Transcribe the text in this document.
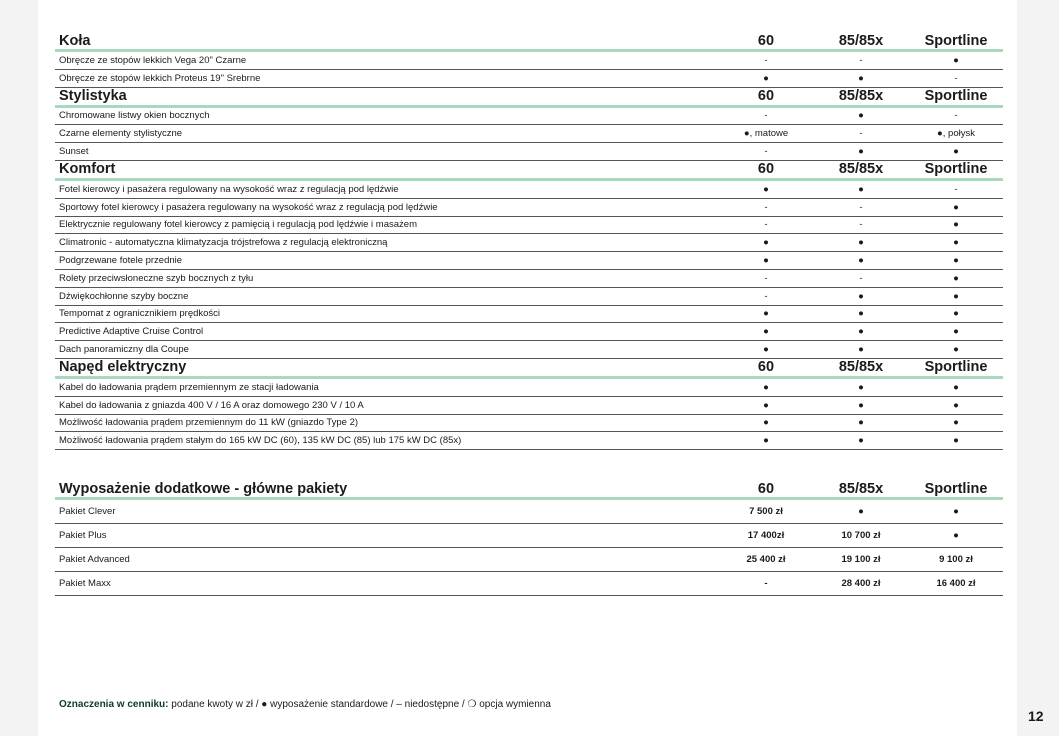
Koła	60	85/85x	Sportline
Obręcze ze stopów lekkich Vega 20" Czarne	-	-	●
Obręcze ze stopów lekkich Proteus 19" Srebrne	●	●	-
Stylistyka	60	85/85x	Sportline
Chromowane listwy okien bocznych	-	●	-
Czarne elementy stylistyczne	●, matowe	-	●, połysk
Sunset	-	●	●
Komfort	60	85/85x	Sportline
Fotel kierowcy i pasażera regulowany na wysokość wraz z regulacją pod lędźwie	●	●	-
Sportowy fotel kierowcy i pasażera regulowany na wysokość wraz z regulacją pod lędźwie	-	-	●
Elektrycznie regulowany fotel kierowcy z pamięcią i regulacją pod lędźwie i masażem	-	-	●
Climatronic - automatyczna klimatyzacja trójstrefowa z regulacją elektroniczną	●	●	●
Podgrzewane fotele przednie	●	●	●
Rolety przeciwsłoneczne szyb bocznych z tyłu	-	-	●
Dźwiękochłonne szyby boczne	-	●	●
Tempomat z ogranicznikiem prędkości	●	●	●
Predictive Adaptive Cruise Control	●	●	●
Dach panoramiczny dla Coupe	●	●	●
Napęd elektryczny	60	85/85x	Sportline
Kabel do ładowania prądem przemiennym ze stacji ładowania	●	●	●
Kabel do ładowania z gniazda 400 V / 16 A oraz domowego 230 V / 10 A	●	●	●
Możliwość ładowania prądem przemiennym do 11 kW (gniazdo Type 2)	●	●	●
Możliwość ładowania prądem stałym do 165 kW DC (60), 135 kW DC (85) lub 175 kW DC (85x)	●	●	●
Wyposażenie dodatkowe - główne pakiety	60	85/85x	Sportline
Pakiet Clever	7 500 zł	●	●
Pakiet Plus	17 400zł	10 700 zł	●
Pakiet Advanced	25 400 zł	19 100 zł	9 100 zł
Pakiet Maxx	-	28 400 zł	16 400 zł
Oznaczenia w cenniku: podane kwoty w zł / ● wyposażenie standardowe / – niedostępne / ❍ opcja wymienna
12
